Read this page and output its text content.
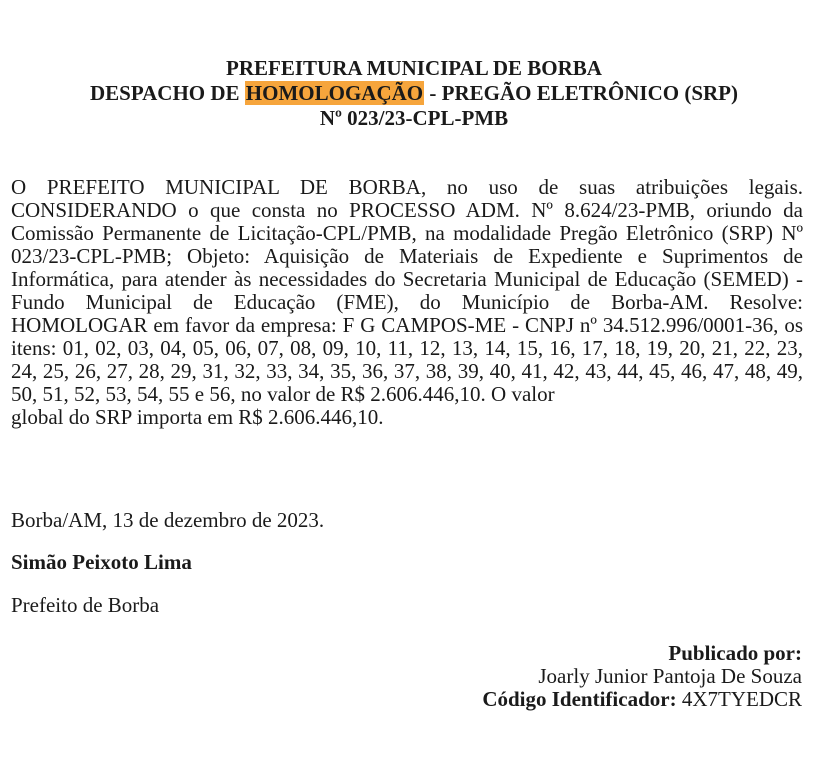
PREFEITURA MUNICIPAL DE BORBA
DESPACHO DE HOMOLOGAÇÃO - PREGÃO ELETRÔNICO (SRP)
Nº 023/23-CPL-PMB
O PREFEITO MUNICIPAL DE BORBA, no uso de suas atribuições legais. CONSIDERANDO o que consta no PROCESSO ADM. Nº 8.624/23-PMB, oriundo da Comissão Permanente de Licitação-CPL/PMB, na modalidade Pregão Eletrônico (SRP) Nº 023/23-CPL-PMB; Objeto: Aquisição de Materiais de Expediente e Suprimentos de Informática, para atender às necessidades do Secretaria Municipal de Educação (SEMED) - Fundo Municipal de Educação (FME), do Município de Borba-AM. Resolve: HOMOLOGAR em favor da empresa: F G CAMPOS-ME - CNPJ nº 34.512.996/0001-36, os itens: 01, 02, 03, 04, 05, 06, 07, 08, 09, 10, 11, 12, 13, 14, 15, 16, 17, 18, 19, 20, 21, 22, 23, 24, 25, 26, 27, 28, 29, 31, 32, 33, 34, 35, 36, 37, 38, 39, 40, 41, 42, 43, 44, 45, 46, 47, 48, 49, 50, 51, 52, 53, 54, 55 e 56, no valor de R$ 2.606.446,10. O valor
global do SRP importa em R$ 2.606.446,10.
Borba/AM, 13 de dezembro de 2023.
Simão Peixoto Lima
Prefeito de Borba
Publicado por:
Joarly Junior Pantoja De Souza
Código Identificador: 4X7TYEDCR
